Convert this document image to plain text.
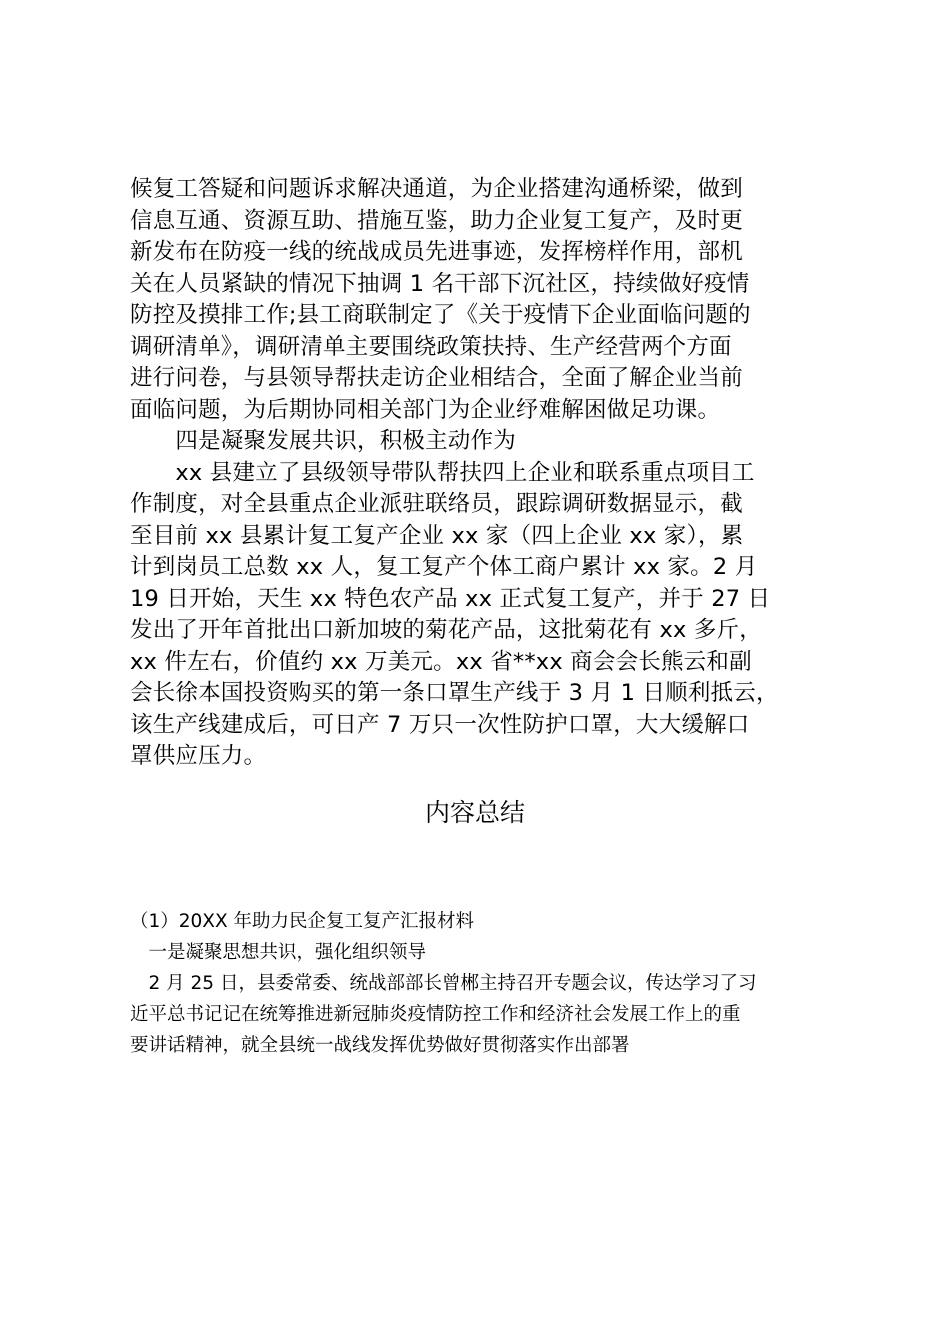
候复工答疑和问题诉求解决通道，为企业搭建沟通桥梁，做到
信息互通、资源互助、措施互鉴，助力企业复工复产，及时更
新发布在防疫一线的统战成员先进事迹，发挥榜样作用，部机
关在人员紧缺的情况下抽调 1 名干部下沉社区，持续做好疫情
防控及摸排工作;县工商联制定了《关于疫情下企业面临问题的
调研清单》，调研清单主要围绕政策扶持、生产经营两个方面
进行问卷，与县领导帮扶走访企业相结合，全面了解企业当前
面临问题，为后期协同相关部门为企业纾难解困做足功课。
　　四是凝聚发展共识，积极主动作为
　　xx 县建立了县级领导带队帮扶四上企业和联系重点项目工
作制度，对全县重点企业派驻联络员，跟踪调研数据显示，截
至目前 xx 县累计复工复产企业 xx 家（四上企业 xx 家），累
计到岗员工总数 xx 人，复工复产个体工商户累计 xx 家。2 月
19 日开始，天生 xx 特色农产品 xx 正式复工复产，并于 27 日
发出了开年首批出口新加坡的菊花产品，这批菊花有 xx 多斤，
xx 件左右，价值约 xx 万美元。xx 省**xx 商会会长熊云和副
会长徐本国投资购买的第一条口罩生产线于 3 月 1 日顺利抵云，
该生产线建成后，可日产 7 万只一次性防护口罩，大大缓解口
罩供应压力。
内容总结
（1）20XX 年助力民企复工复产汇报材料
　一是凝聚思想共识，强化组织领导
　2 月 25 日，县委常委、统战部部长曾郴主持召开专题会议，传达学习了习
近平总书记记在统筹推进新冠肺炎疫情防控工作和经济社会发展工作上的重
要讲话精神，就全县统一战线发挥优势做好贯彻落实作出部署
